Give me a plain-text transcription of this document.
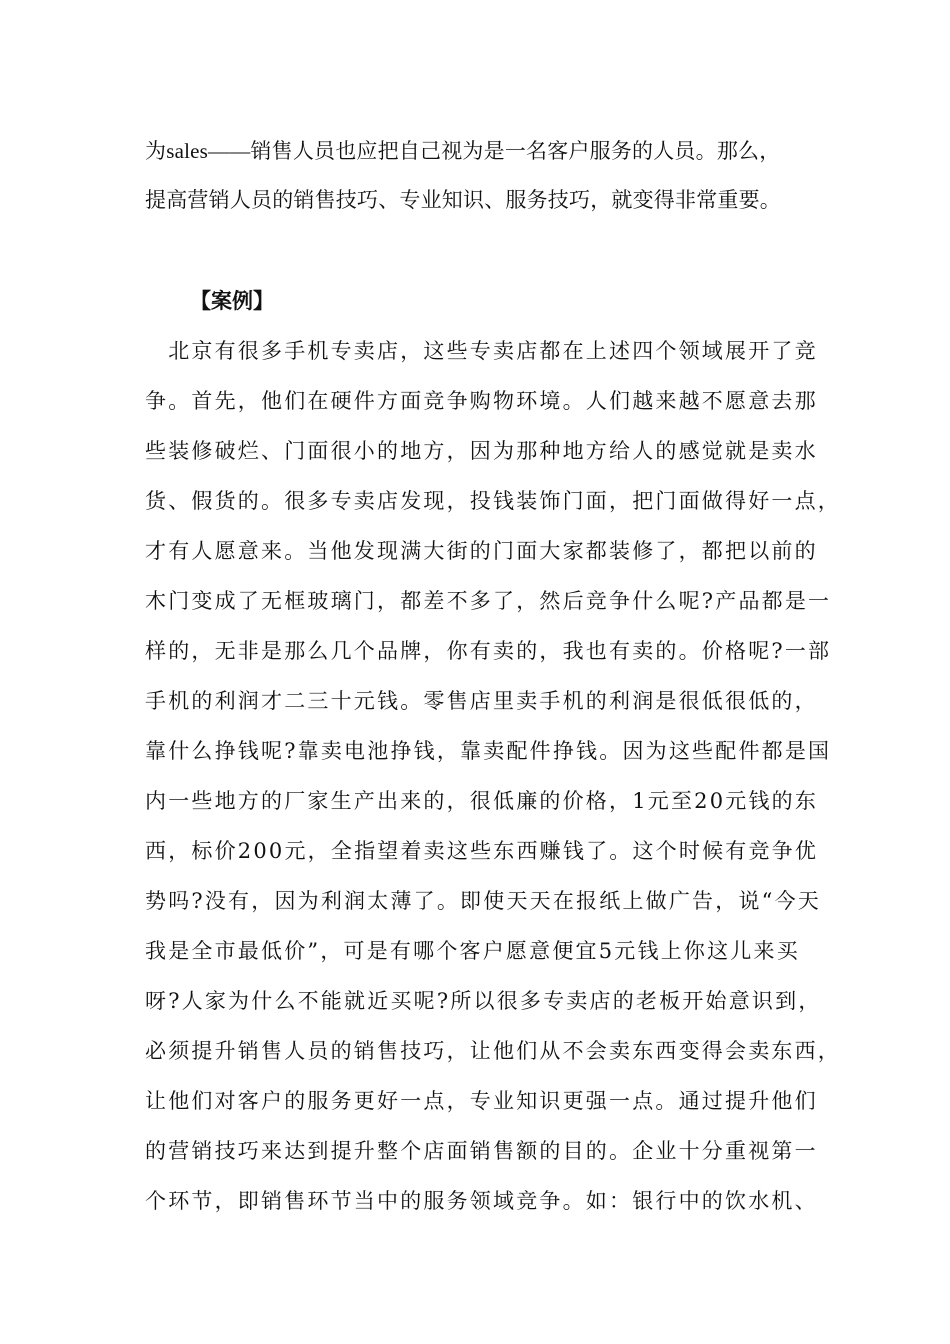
为sales——销售人员也应把自己视为是一名客户服务的人员。那么，
提高营销人员的销售技巧、专业知识、服务技巧，就变得非常重要。
【案例】
　北京有很多手机专卖店，这些专卖店都在上述四个领域展开了竞
争。首先，他们在硬件方面竞争购物环境。人们越来越不愿意去那
些装修破烂、门面很小的地方，因为那种地方给人的感觉就是卖水
货、假货的。很多专卖店发现，投钱装饰门面，把门面做得好一点，
才有人愿意来。当他发现满大街的门面大家都装修了，都把以前的
木门变成了无框玻璃门，都差不多了，然后竞争什么呢?产品都是一
样的，无非是那么几个品牌，你有卖的，我也有卖的。价格呢?一部
手机的利润才二三十元钱。零售店里卖手机的利润是很低很低的，
靠什么挣钱呢?靠卖电池挣钱，靠卖配件挣钱。因为这些配件都是国
内一些地方的厂家生产出来的，很低廉的价格，1元至20元钱的东
西，标价200元，全指望着卖这些东西赚钱了。这个时候有竞争优
势吗?没有，因为利润太薄了。即使天天在报纸上做广告，说“今天
我是全市最低价”，可是有哪个客户愿意便宜5元钱上你这儿来买
呀?人家为什么不能就近买呢?所以很多专卖店的老板开始意识到，
必须提升销售人员的销售技巧，让他们从不会卖东西变得会卖东西，
让他们对客户的服务更好一点，专业知识更强一点。通过提升他们
的营销技巧来达到提升整个店面销售额的目的。企业十分重视第一
个环节，即销售环节当中的服务领域竞争。如：银行中的饮水机、
